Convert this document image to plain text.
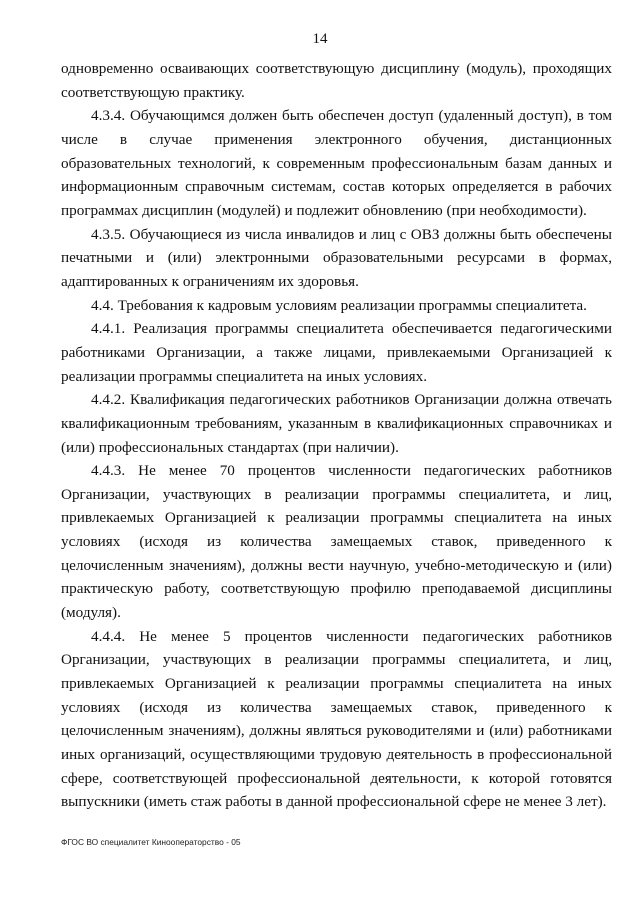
14

одновременно осваивающих соответствующую дисциплину (модуль), проходящих соответствующую практику.

4.3.4. Обучающимся должен быть обеспечен доступ (удаленный доступ), в том числе в случае применения электронного обучения, дистанционных образовательных технологий, к современным профессиональным базам данных и информационным справочным системам, состав которых определяется в рабочих программах дисциплин (модулей) и подлежит обновлению (при необходимости).

4.3.5. Обучающиеся из числа инвалидов и лиц с ОВЗ должны быть обеспечены печатными и (или) электронными образовательными ресурсами в формах, адаптированных к ограничениям их здоровья.

4.4. Требования к кадровым условиям реализации программы специалитета.

4.4.1. Реализация программы специалитета обеспечивается педагогическими работниками Организации, а также лицами, привлекаемыми Организацией к реализации программы специалитета на иных условиях.

4.4.2. Квалификация педагогических работников Организации должна отвечать квалификационным требованиям, указанным в квалификационных справочниках и (или) профессиональных стандартах (при наличии).

4.4.3. Не менее 70 процентов численности педагогических работников Организации, участвующих в реализации программы специалитета, и лиц, привлекаемых Организацией к реализации программы специалитета на иных условиях (исходя из количества замещаемых ставок, приведенного к целочисленным значениям), должны вести научную, учебно-методическую и (или) практическую работу, соответствующую профилю преподаваемой дисциплины (модуля).

4.4.4. Не менее 5 процентов численности педагогических работников Организации, участвующих в реализации программы специалитета, и лиц, привлекаемых Организацией к реализации программы специалитета на иных условиях (исходя из количества замещаемых ставок, приведенного к целочисленным значениям), должны являться руководителями и (или) работниками иных организаций, осуществляющими трудовую деятельность в профессиональной сфере, соответствующей профессиональной деятельности, к которой готовятся выпускники (иметь стаж работы в данной профессиональной сфере не менее 3 лет).

ФГОС ВО специалитет Кинооператорство - 05
